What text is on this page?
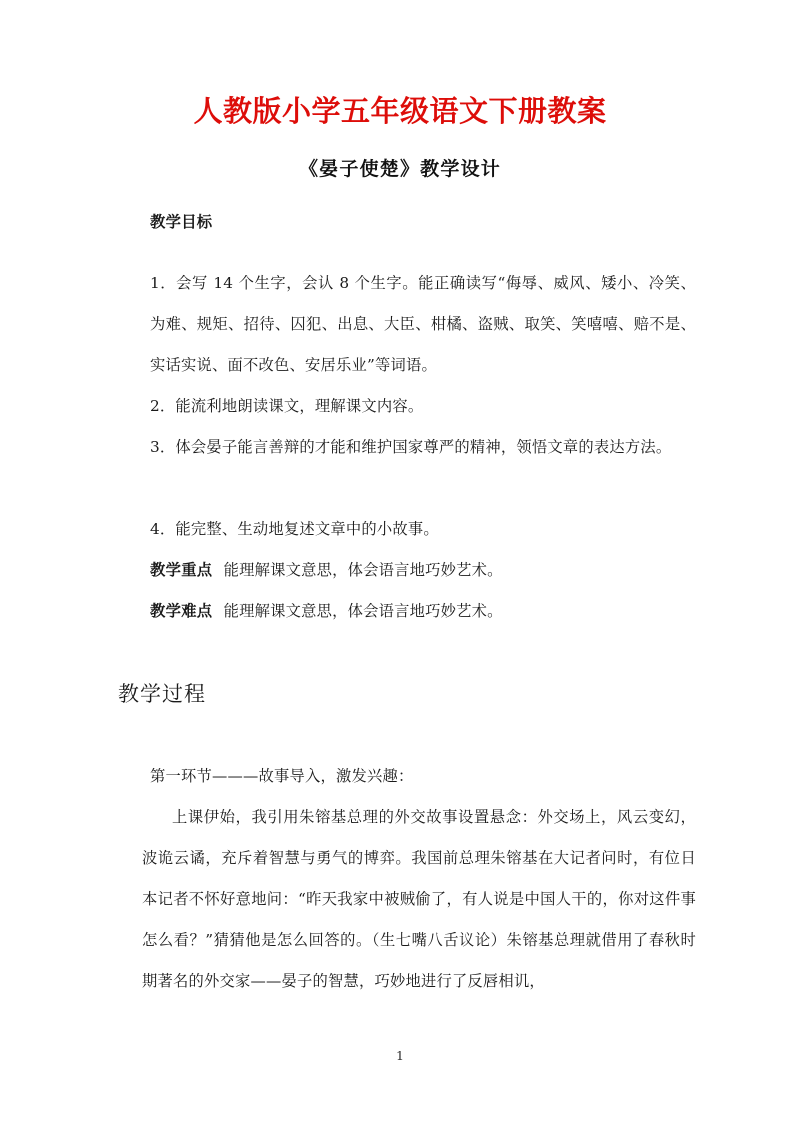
人教版小学五年级语文下册教案
《晏子使楚》教学设计

教学目标

1．会写 14 个生字，会认 8 个生字。能正确读写“侮辱、威风、矮小、冷笑、为难、规矩、招待、囚犯、出息、大臣、柑橘、盗贼、取笑、笑嘻嘻、赔不是、实话实说、面不改色、安居乐业”等词语。

2．能流利地朗读课文，理解课文内容。

3．体会晏子能言善辩的才能和维护国家尊严的精神，领悟文章的表达方法。

4．能完整、生动地复述文章中的小故事。

教学重点 能理解课文意思，体会语言地巧妙艺术。

教学难点 能理解课文意思，体会语言地巧妙艺术。

教学过程

第一环节———故事导入，激发兴趣：

上课伊始，我引用朱镕基总理的外交故事设置悬念：外交场上，风云变幻，波诡云谲，充斥着智慧与勇气的博弈。我国前总理朱镕基在大记者问时，有位日本记者不怀好意地问：“昨天我家中被贼偷了，有人说是中国人干的，你对这件事怎么看？”猜猜他是怎么回答的。（生七嘴八舌议论）朱镕基总理就借用了春秋时期著名的外交家——晏子的智慧，巧妙地进行了反唇相讥，

1
